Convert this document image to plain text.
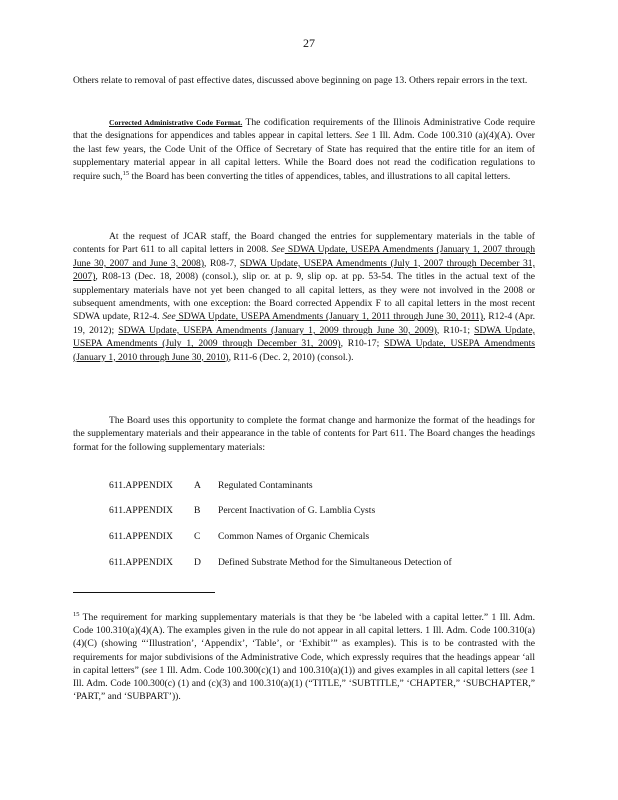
27

Others relate to removal of past effective dates, discussed above beginning on page 13. Others repair errors in the text.

Corrected Administrative Code Format. The codification requirements of the Illinois Administrative Code require that the designations for appendices and tables appear in capital letters. See 1 Ill. Adm. Code 100.310 (a)(4)(A). Over the last few years, the Code Unit of the Office of Secretary of State has required that the entire title for an item of supplementary material appear in all capital letters. While the Board does not read the codification regulations to require such,$^{15}$ the Board has been converting the titles of appendices, tables, and illustrations to all capital letters.

At the request of JCAR staff, the Board changed the entries for supplementary materials in the table of contents for Part 611 to all capital letters in 2008. See SDWA Update, USEPA Amendments (January 1, 2007 through June 30, 2007 and June 3, 2008), R08-7, SDWA Update, USEPA Amendments (July 1, 2007 through December 31, 2007), R08-13 (Dec. 18, 2008) (consol.), slip or. at p. 9, slip op. at pp. 53-54. The titles in the actual text of the supplementary materials have not yet been changed to all capital letters, as they were not involved in the 2008 or subsequent amendments, with one exception: the Board corrected Appendix F to all capital letters in the most recent SDWA update, R12-4. See SDWA Update, USEPA Amendments (January 1, 2011 through June 30, 2011), R12-4 (Apr. 19, 2012); SDWA Update, USEPA Amendments (January 1, 2009 through June 30, 2009), R10-1; SDWA Update, USEPA Amendments (July 1, 2009 through December 31, 2009), R10-17; SDWA Update, USEPA Amendments (January 1, 2010 through June 30, 2010), R11-6 (Dec. 2, 2010) (consol.).

The Board uses this opportunity to complete the format change and harmonize the format of the headings for the supplementary materials and their appearance in the table of contents for Part 611. The Board changes the headings format for the following supplementary materials:

611.APPENDIX A Regulated Contaminants
611.APPENDIX B Percent Inactivation of G. Lamblia Cysts
611.APPENDIX C Common Names of Organic Chemicals
611.APPENDIX D Defined Substrate Method for the Simultaneous Detection of

$^{15}$ The requirement for marking supplementary materials is that they be ‘be labeled with a capital letter.” 1 Ill. Adm. Code 100.310(a)(4)(A). The examples given in the rule do not appear in all capital letters. 1 Ill. Adm. Code 100.310(a)(4)(C) (showing “‘Illustration’, ‘Appendix’, ‘Table’, or ‘Exhibit’” as examples). This is to be contrasted with the requirements for major subdivisions of the Administrative Code, which expressly requires that the headings appear ‘all in capital letters” (see 1 Ill. Adm. Code 100.300(c)(1) and 100.310(a)(1)) and gives examples in all capital letters (see 1 Ill. Adm. Code 100.300(c) (1) and (c)(3) and 100.310(a)(1) (“TITLE,” ‘SUBTITLE,” ‘CHAPTER,” ‘SUBCHAPTER,” ‘PART,” and ‘SUBPART’)).
